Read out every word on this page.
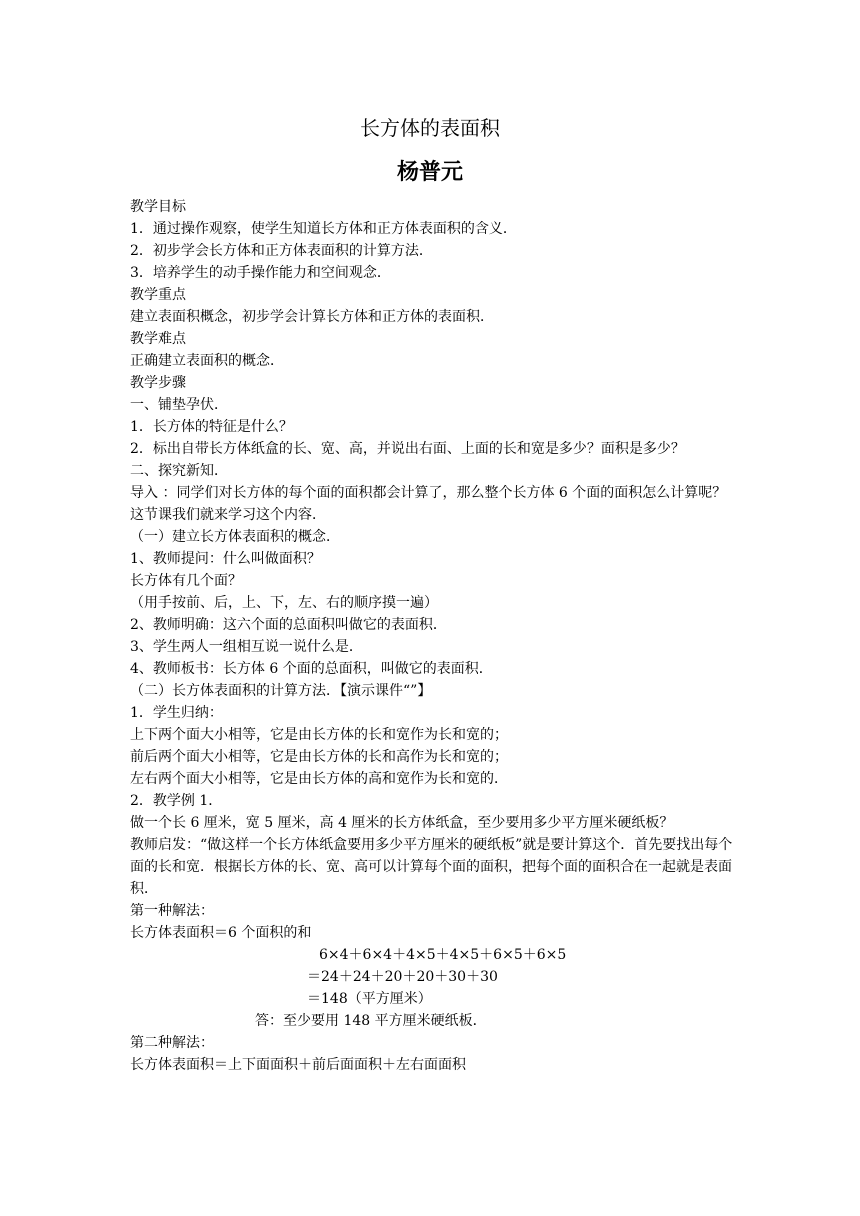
长方体的表面积
杨普元

教学目标

1．通过操作观察，使学生知道长方体和正方体表面积的含义．

2．初步学会长方体和正方体表面积的计算方法．

3．培养学生的动手操作能力和空间观念．

教学重点

建立表面积概念，初步学会计算长方体和正方体的表面积．

教学难点

正确建立表面积的概念．

教学步骤

一、铺垫孕伏．

1．长方体的特征是什么？

2．标出自带长方体纸盒的长、宽、高，并说出右面、上面的长和宽是多少？面积是多少？

二、探究新知．

导入 ：同学们对长方体的每个面的面积都会计算了，那么整个长方体 6 个面的面积怎么计算呢？这节课我们就来学习这个内容．

（一）建立长方体表面积的概念．

1、教师提问：什么叫做面积？

长方体有几个面？

（用手按前、后，上、下，左、右的顺序摸一遍）

2、教师明确：这六个面的总面积叫做它的表面积．

3、学生两人一组相互说一说什么是．

4、教师板书：长方体 6 个面的总面积，叫做它的表面积．

（二）长方体表面积的计算方法．【演示课件“”】

1．学生归纳：

上下两个面大小相等，它是由长方体的长和宽作为长和宽的；

前后两个面大小相等，它是由长方体的长和高作为长和宽的；

左右两个面大小相等，它是由长方体的高和宽作为长和宽的．

2．教学例 1．

做一个长 6 厘米，宽 5 厘米，高 4 厘米的长方体纸盒，至少要用多少平方厘米硬纸板？

教师启发：“做这样一个长方体纸盒要用多少平方厘米的硬纸板”就是要计算这个．首先要找出每个面的长和宽．根据长方体的长、宽、高可以计算每个面的面积，把每个面的面积合在一起就是表面积．

第一种解法：

长方体表面积＝6 个面积的和

6×4＋6×4＋4×5＋4×5＋6×5＋6×5

＝24＋24＋20＋20＋30＋30

＝148（平方厘米）

答：至少要用 148 平方厘米硬纸板．

第二种解法：

长方体表面积＝上下面面积＋前后面面积＋左右面面积
